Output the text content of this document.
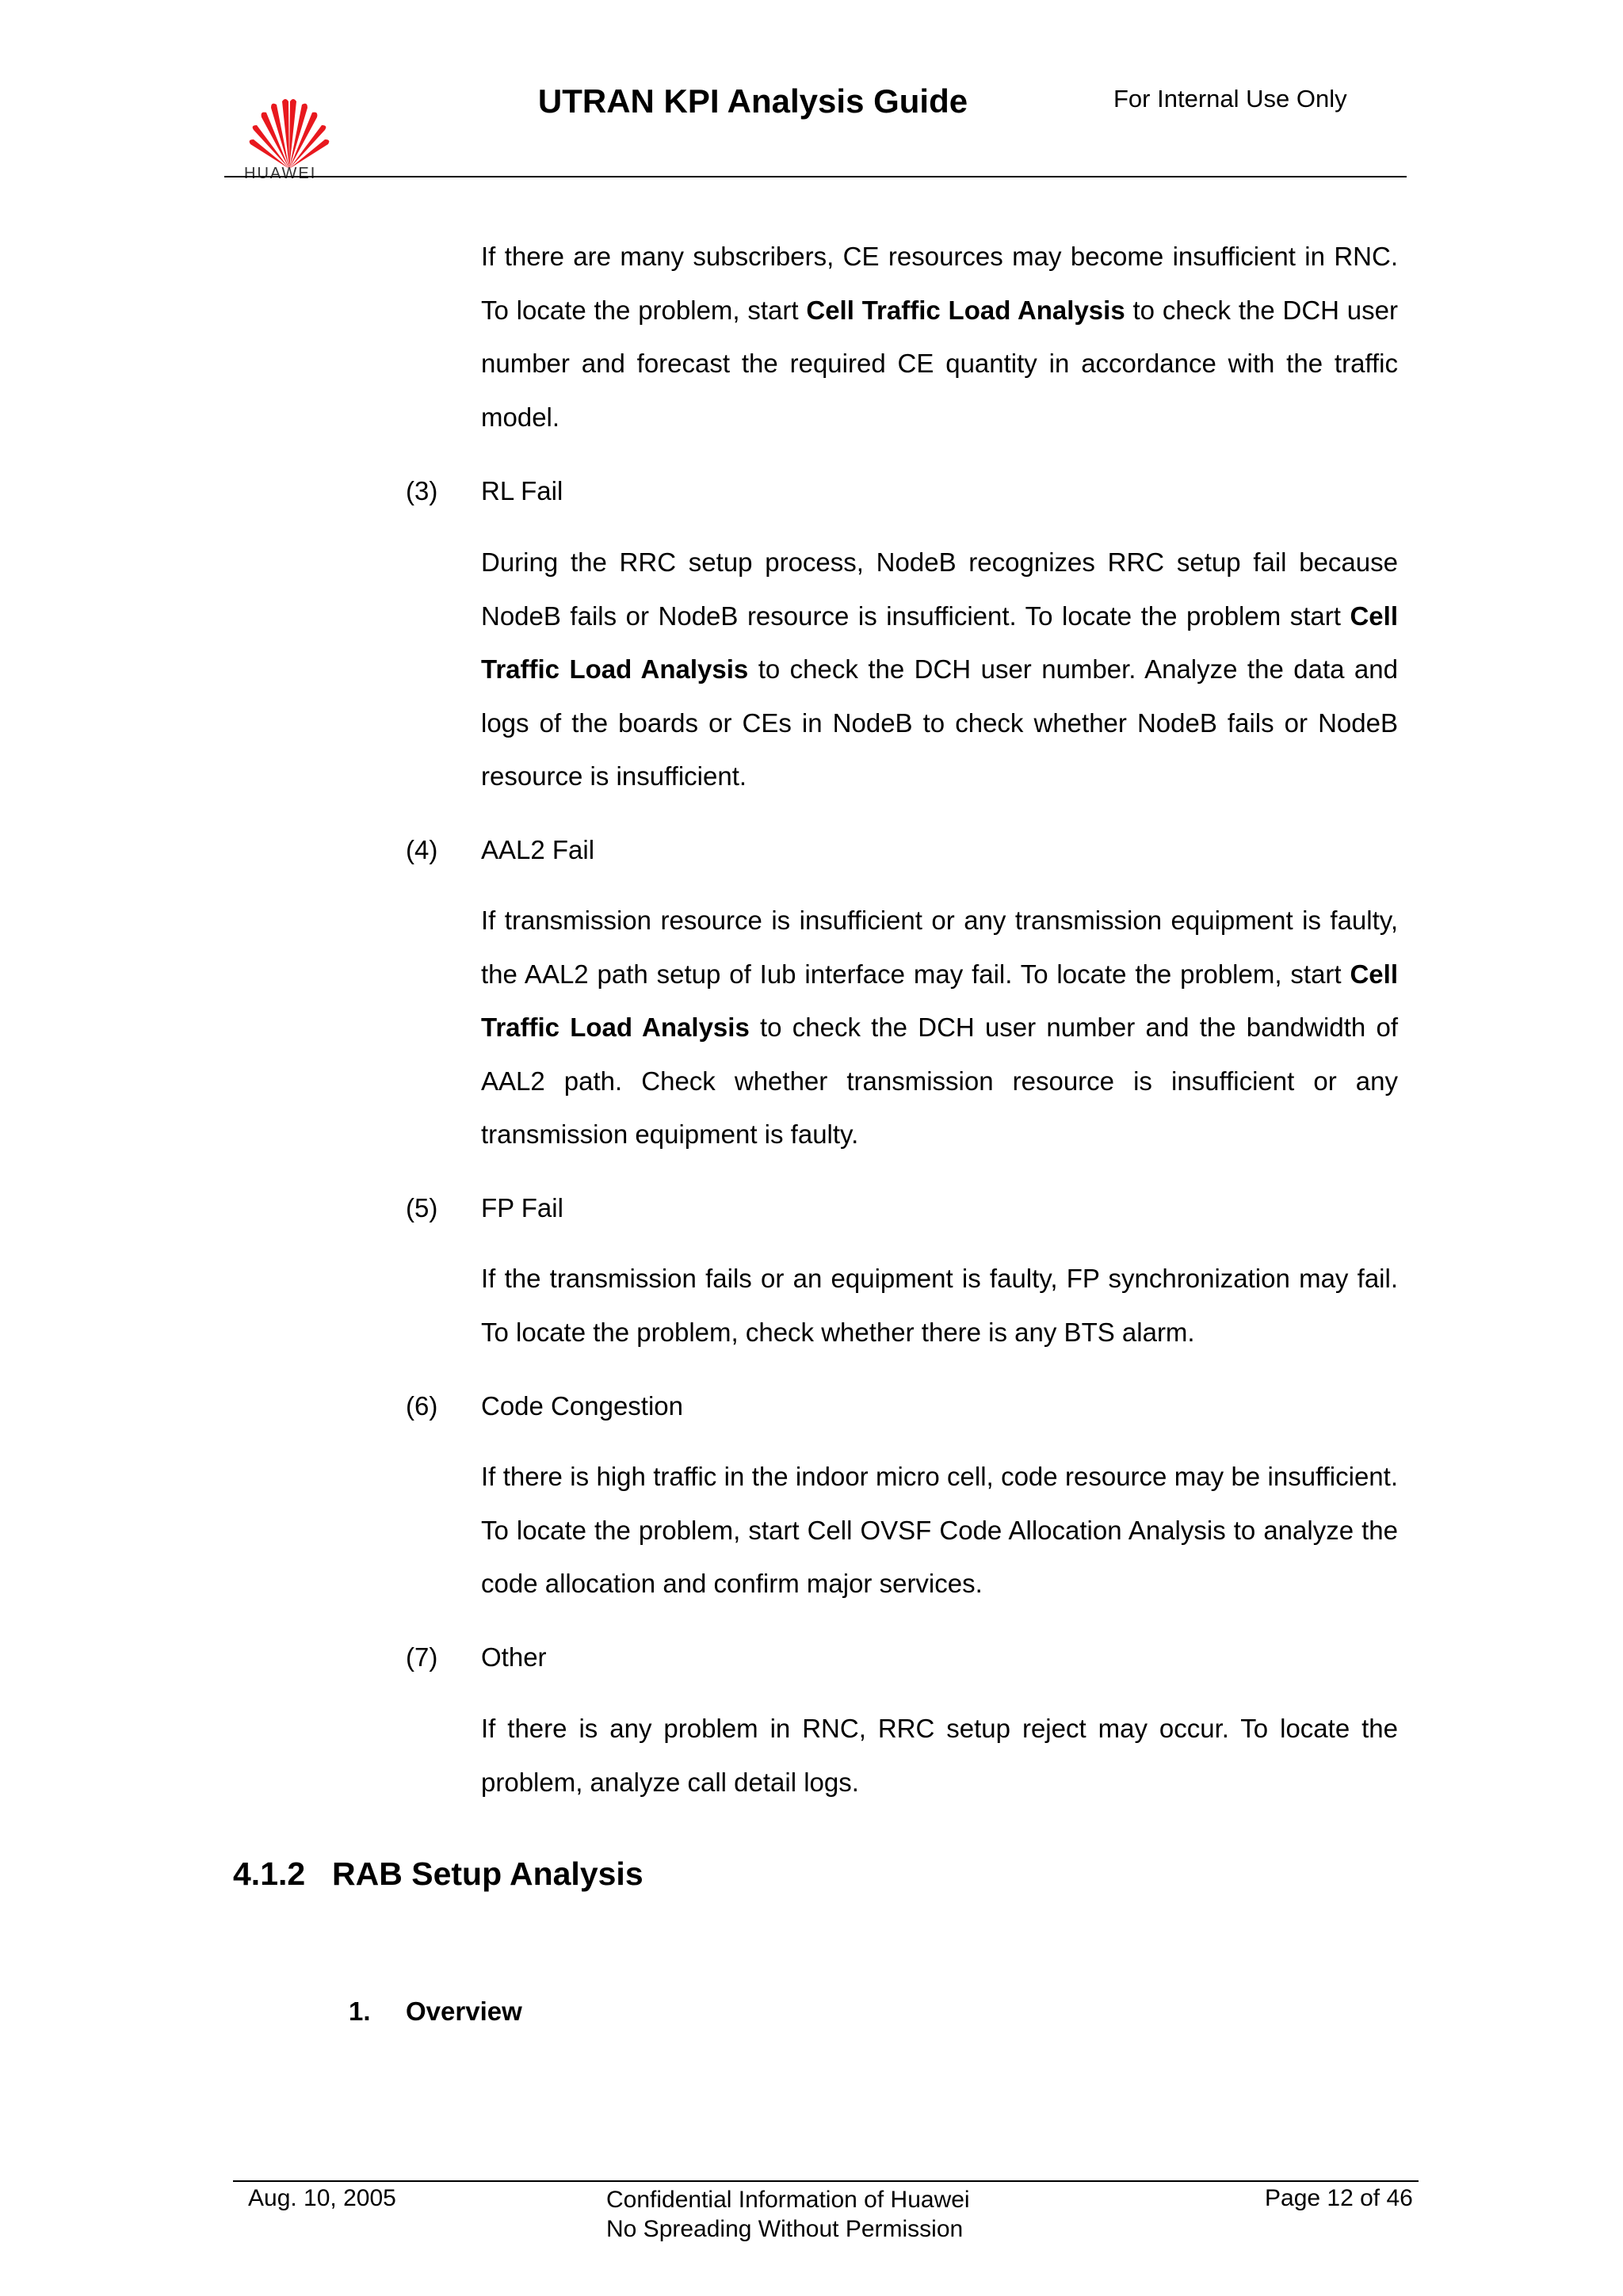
HUAWEI
UTRAN KPI Analysis Guide	For Internal Use Only
If there are many subscribers, CE resources may become insufficient in RNC. To locate the problem, start Cell Traffic Load Analysis to check the DCH user number and forecast the required CE quantity in accordance with the traffic model.
(3) RL Fail
During the RRC setup process, NodeB recognizes RRC setup fail because NodeB fails or NodeB resource is insufficient. To locate the problem start Cell Traffic Load Analysis to check the DCH user number. Analyze the data and logs of the boards or CEs in NodeB to check whether NodeB fails or NodeB resource is insufficient.
(4) AAL2 Fail
If transmission resource is insufficient or any transmission equipment is faulty, the AAL2 path setup of Iub interface may fail. To locate the problem, start Cell Traffic Load Analysis to check the DCH user number and the bandwidth of AAL2 path. Check whether transmission resource is insufficient or any transmission equipment is faulty.
(5) FP Fail
If the transmission fails or an equipment is faulty, FP synchronization may fail. To locate the problem, check whether there is any BTS alarm.
(6) Code Congestion
If there is high traffic in the indoor micro cell, code resource may be insufficient. To locate the problem, start Cell OVSF Code Allocation Analysis to analyze the code allocation and confirm major services.
(7) Other
If there is any problem in RNC, RRC setup reject may occur. To locate the problem, analyze call detail logs.
4.1.2 RAB Setup Analysis
1. Overview
Aug. 10, 2005	Confidential Information of Huawei
No Spreading Without Permission
Page 12 of 46
